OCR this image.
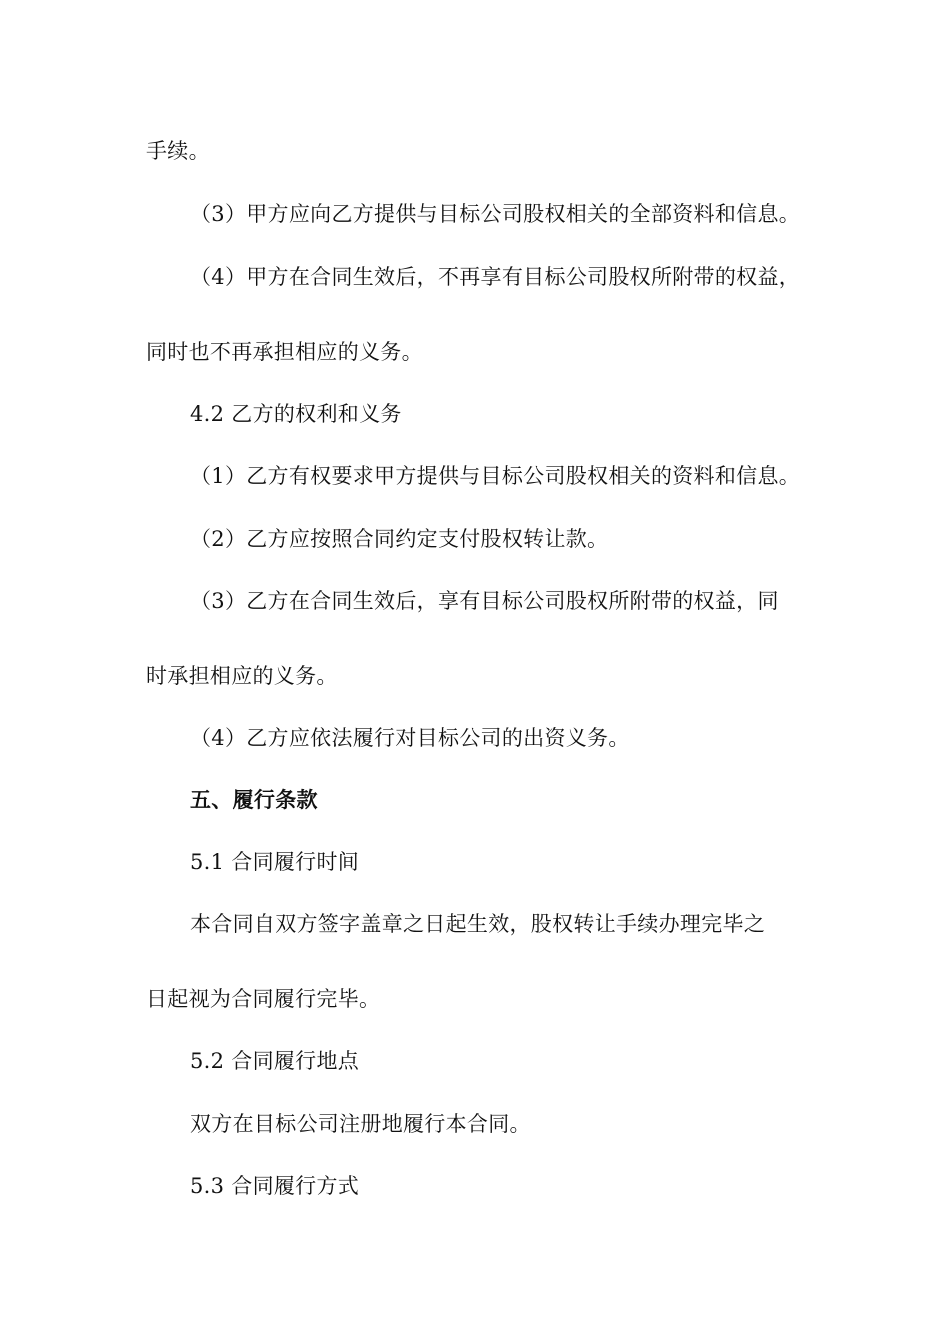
手续。
（3）甲方应向乙方提供与目标公司股权相关的全部资料和信息。
（4）甲方在合同生效后，不再享有目标公司股权所附带的权益，
同时也不再承担相应的义务。
4.2 乙方的权利和义务
（1）乙方有权要求甲方提供与目标公司股权相关的资料和信息。
（2）乙方应按照合同约定支付股权转让款。
（3）乙方在合同生效后，享有目标公司股权所附带的权益，同
时承担相应的义务。
（4）乙方应依法履行对目标公司的出资义务。
五、履行条款
5.1 合同履行时间
本合同自双方签字盖章之日起生效，股权转让手续办理完毕之
日起视为合同履行完毕。
5.2 合同履行地点
双方在目标公司注册地履行本合同。
5.3 合同履行方式
